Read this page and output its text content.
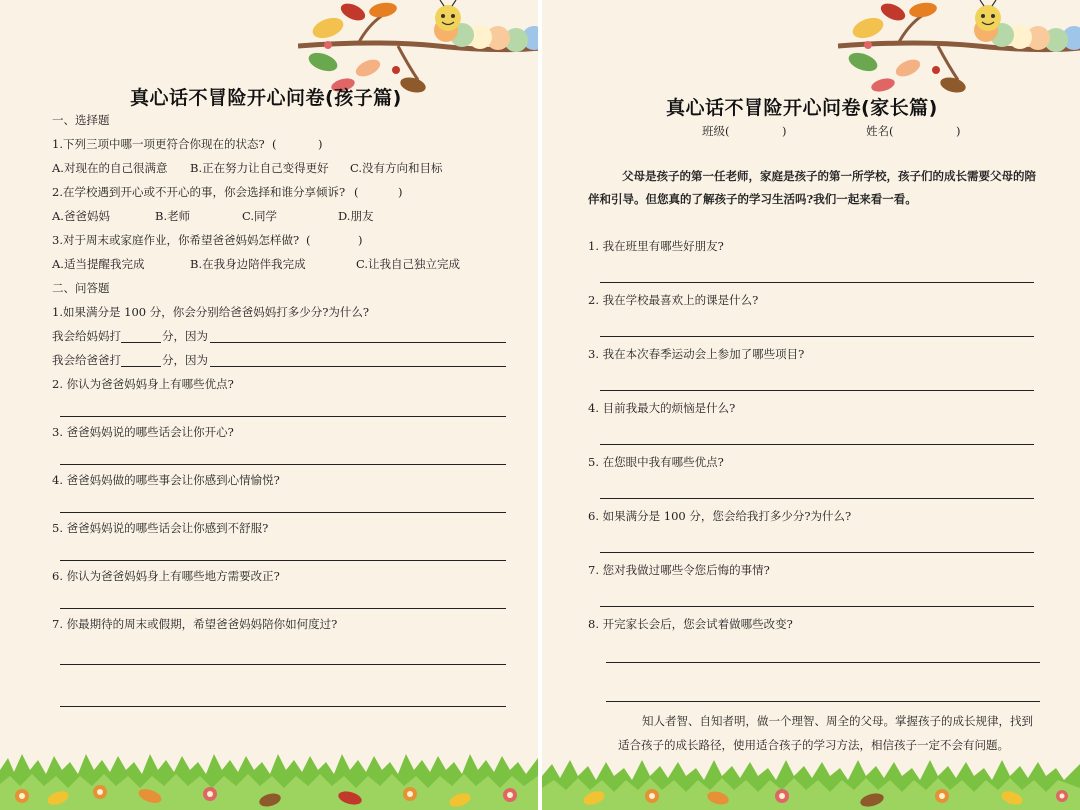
真心话不冒险开心问卷(孩子篇)
一、选择题
1.下列三项中哪一项更符合你现在的状态? (	)
A.对现在的自己很满意 B.正在努力让自己变得更好 C.没有方向和目标
2.在学校遇到开心或不开心的事，你会选择和谁分享倾诉? (	)
A.爸爸妈妈	B.老师	C.同学	D.朋友
3.对于周末或家庭作业，你希望爸爸妈妈怎样做? (	)
A.适当提醒我完成	B.在我身边陪伴我完成	C.让我自己独立完成
二、问答题
1.如果满分是 100 分，你会分别给爸爸妈妈打多少分?为什么?
我会给妈妈打	分，因为
我会给爸爸打	分，因为
2. 你认为爸爸妈妈身上有哪些优点?
3. 爸爸妈妈说的哪些话会让你开心?
4. 爸爸妈妈做的哪些事会让你感到心情愉悦?
5. 爸爸妈妈说的哪些话会让你感到不舒服?
6. 你认为爸爸妈妈身上有哪些地方需要改正?
7. 你最期待的周末或假期，希望爸爸妈妈陪你如何度过?
真心话不冒险开心问卷(家长篇)
班级(	)	姓名(	)
父母是孩子的第一任老师，家庭是孩子的第一所学校，孩子们的成长需要父母的陪
伴和引导。但您真的了解孩子的学习生活吗?我们一起来看一看。
1. 我在班里有哪些好朋友?
2. 我在学校最喜欢上的课是什么?
3. 我在本次春季运动会上参加了哪些项目?
4. 目前我最大的烦恼是什么?
5. 在您眼中我有哪些优点?
6. 如果满分是 100 分，您会给我打多少分?为什么?
7. 您对我做过哪些令您后悔的事情?
8. 开完家长会后，您会试着做哪些改变?
知人者智、自知者明，做一个理智、周全的父母。掌握孩子的成长规律，找到
适合孩子的成长路径，使用适合孩子的学习方法，相信孩子一定不会有问题。
